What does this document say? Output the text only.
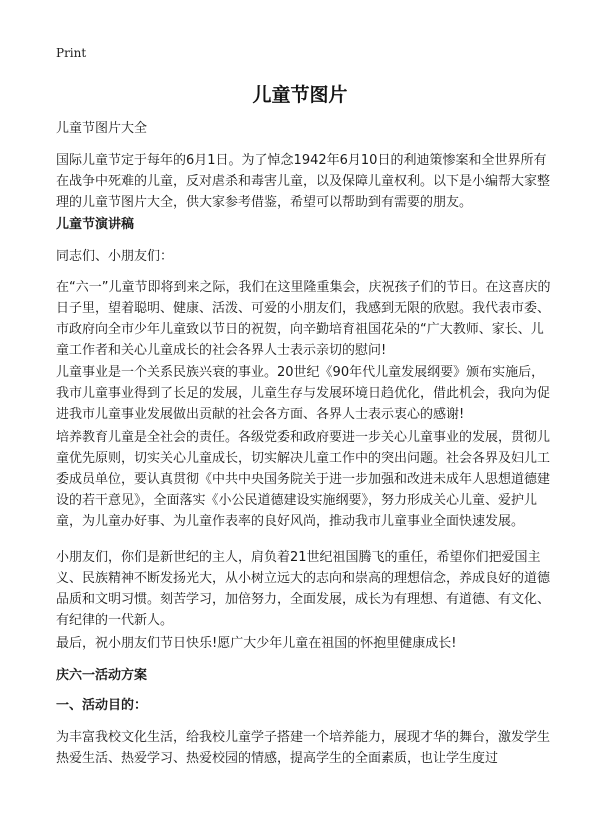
Print
儿童节图片
儿童节图片大全
国际儿童节定于每年的6月1日。为了悼念1942年6月10日的利迪策惨案和全世界所有在战争中死难的儿童，反对虐杀和毒害儿童，以及保障儿童权利。以下是小编帮大家整理的儿童节图片大全，供大家参考借鉴，希望可以帮助到有需要的朋友。
儿童节演讲稿
同志们、小朋友们：
在“六一”儿童节即将到来之际，我们在这里隆重集会，庆祝孩子们的节日。在这喜庆的日子里，望着聪明、健康、活泼、可爱的小朋友们，我感到无限的欣慰。我代表市委、市政府向全市少年儿童致以节日的祝贺，向辛勤培育祖国花朵的“广大教师、家长、儿童工作者和关心儿童成长的社会各界人士表示亲切的慰问!
儿童事业是一个关系民族兴衰的事业。20世纪《90年代儿童发展纲要》颁布实施后，我市儿童事业得到了长足的发展，儿童生存与发展环境日趋优化，借此机会，我向为促进我市儿童事业发展做出贡献的社会各方面、各界人士表示衷心的感谢!
培养教育儿童是全社会的责任。各级党委和政府要进一步关心儿童事业的发展，贯彻儿童优先原则，切实关心儿童成长，切实解决儿童工作中的突出问题。社会各界及妇儿工委成员单位，要认真贯彻《中共中央国务院关于进一步加强和改进未成年人思想道德建设的若干意见》，全面落实《小公民道德建设实施纲要》，努力形成关心儿童、爱护儿童，为儿童办好事、为儿童作表率的良好风尚，推动我市儿童事业全面快速发展。
小朋友们，你们是新世纪的主人，肩负着21世纪祖国腾飞的重任，希望你们把爱国主义、民族精神不断发扬光大，从小树立远大的志向和崇高的理想信念，养成良好的道德品质和文明习惯。刻苦学习，加倍努力，全面发展，成长为有理想、有道德、有文化、有纪律的一代新人。
最后，祝小朋友们节日快乐!愿广大少年儿童在祖国的怀抱里健康成长!
庆六一活动方案
一、活动目的：
为丰富我校文化生活，给我校儿童学子搭建一个培养能力，展现才华的舞台，激发学生热爱生活、热爱学习、热爱校园的情感，提高学生的全面素质，也让学生度过
